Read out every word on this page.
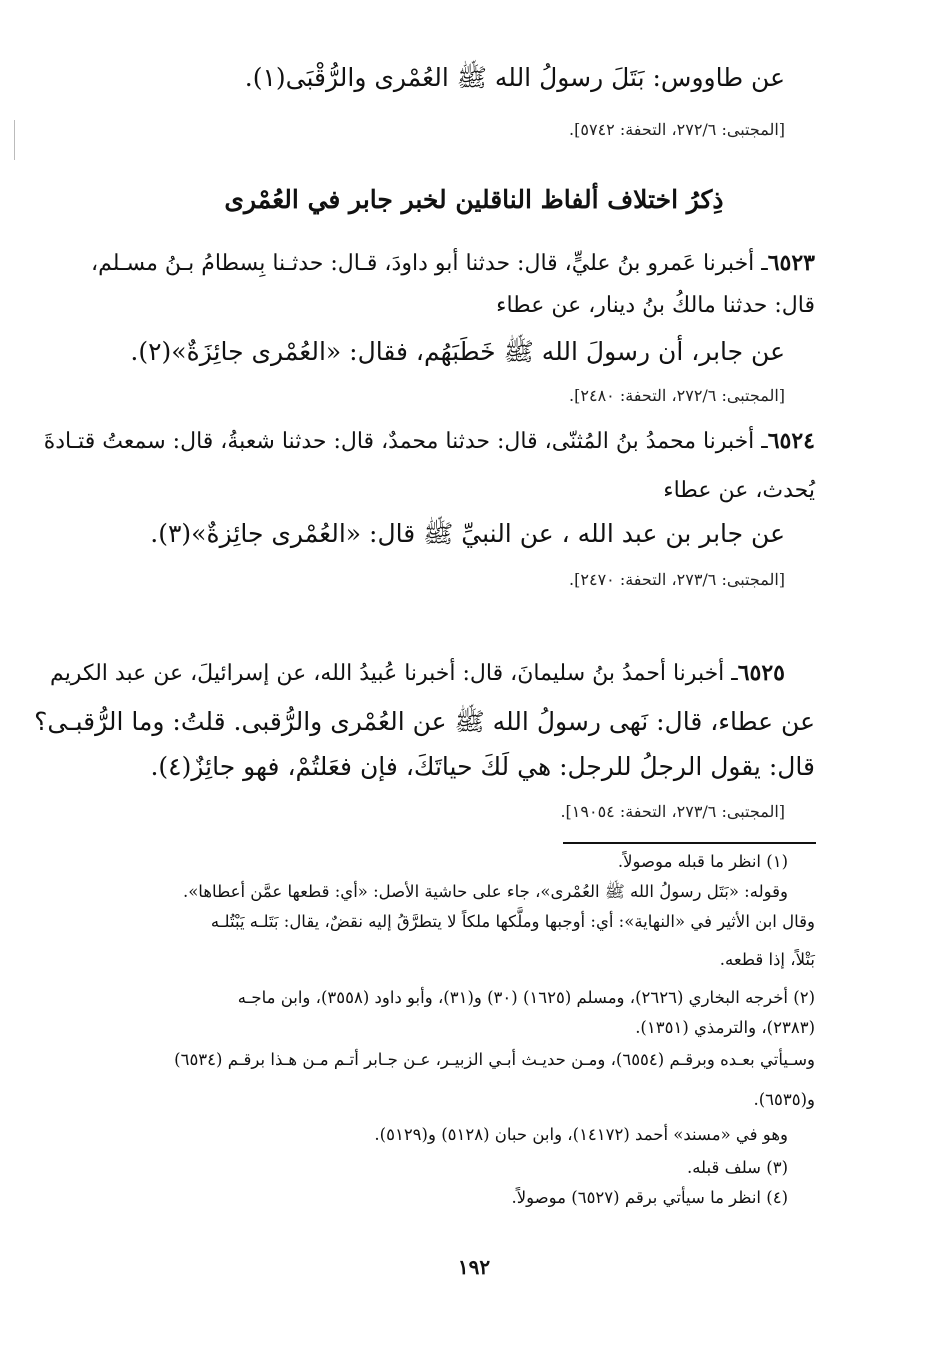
عن طاووس: بَتَلَ رسولُ الله ﷺ العُمْرى والرُّقْبَى(١).
[المجتبى: ٢٧٢/٦، التحفة: ٥٧٤٢].
ذِكرُ اختلاف ألفاظ الناقلين لخبر جابر في العُمْرى
٦٥٢٣ـ أخبرنا عَمرو بنُ عليٍّ، قال: حدثنا أبو داودَ، قـال: حدثـنا بِسطامُ بـنُ مسـلم،
قال: حدثنا مالكُ بنُ دينار، عن عطاء
عن جابر، أن رسولَ الله ﷺ خَطَبَهُم، فقال: «العُمْرى جائِزَةٌ»(٢).
[المجتبى: ٢٧٢/٦، التحفة: ٢٤٨٠].
٦٥٢٤ـ أخبرنا محمدُ بنُ المُثنّى، قال: حدثنا محمدٌ، قال: حدثنا شعبةُ، قال: سمعتُ قتـادةَ
يُحدث، عن عطاء
عن جابر بن عبد الله ، عن النبيِّ ﷺ قال: «العُمْرى جائِزةٌ»(٣).
[المجتبى: ٢٧٣/٦، التحفة: ٢٤٧٠].
٦٥٢٥ـ أخبرنا أحمدُ بنُ سليمانَ، قال: أخبرنا عُبيدُ الله، عن إسرائيلَ، عن عبد الكريم
عن عطاء، قال: نَهى رسولُ الله ﷺ عن العُمْرى والرُّقبى. قلتُ: وما الرُّقبـى؟
قال: يقول الرجلُ للرجل: هي لَكَ حياتَكَ، فإن فعَلتُمْ، فهو جائِزٌ(٤).
[المجتبى: ٢٧٣/٦، التحفة: ١٩٠٥٤].
(١) انظر ما قبله موصولاً.
وقوله: «بَتَل رسولُ الله ﷺ العُمْرى»، جاء على حاشية الأصل: «أي: قطعها عمَّن أعطاها».
وقال ابن الأثير في «النهاية»: أي: أوجبها وملَّكها ملكاً لا يتطرَّقُ إليه نقضٌ، يقال: بَتَلـه يَبْتُلـه
بَتْلاً، إذا قطعه.
(٢) أخرجه البخاري (٢٦٢٦)، ومسلم (١٦٢٥) (٣٠) و(٣١)، وأبو داود (٣٥٥٨)، وابن ماجـه
(٢٣٨٣)، والترمذي (١٣٥١).
وسـيأتي بعـده وبرقـم (٦٥٥٤)، ومـن حديـث أبـي الزبيـر، عـن جـابر أتـم مـن هـذا برقـم (٦٥٣٤)
و(٦٥٣٥).
وهو في «مسند» أحمد (١٤١٧٢)، وابن حبان (٥١٢٨) و(٥١٢٩).
(٣) سلف قبله.
(٤) انظر ما سيأتي برقم (٦٥٢٧) موصولاً.
١٩٢
